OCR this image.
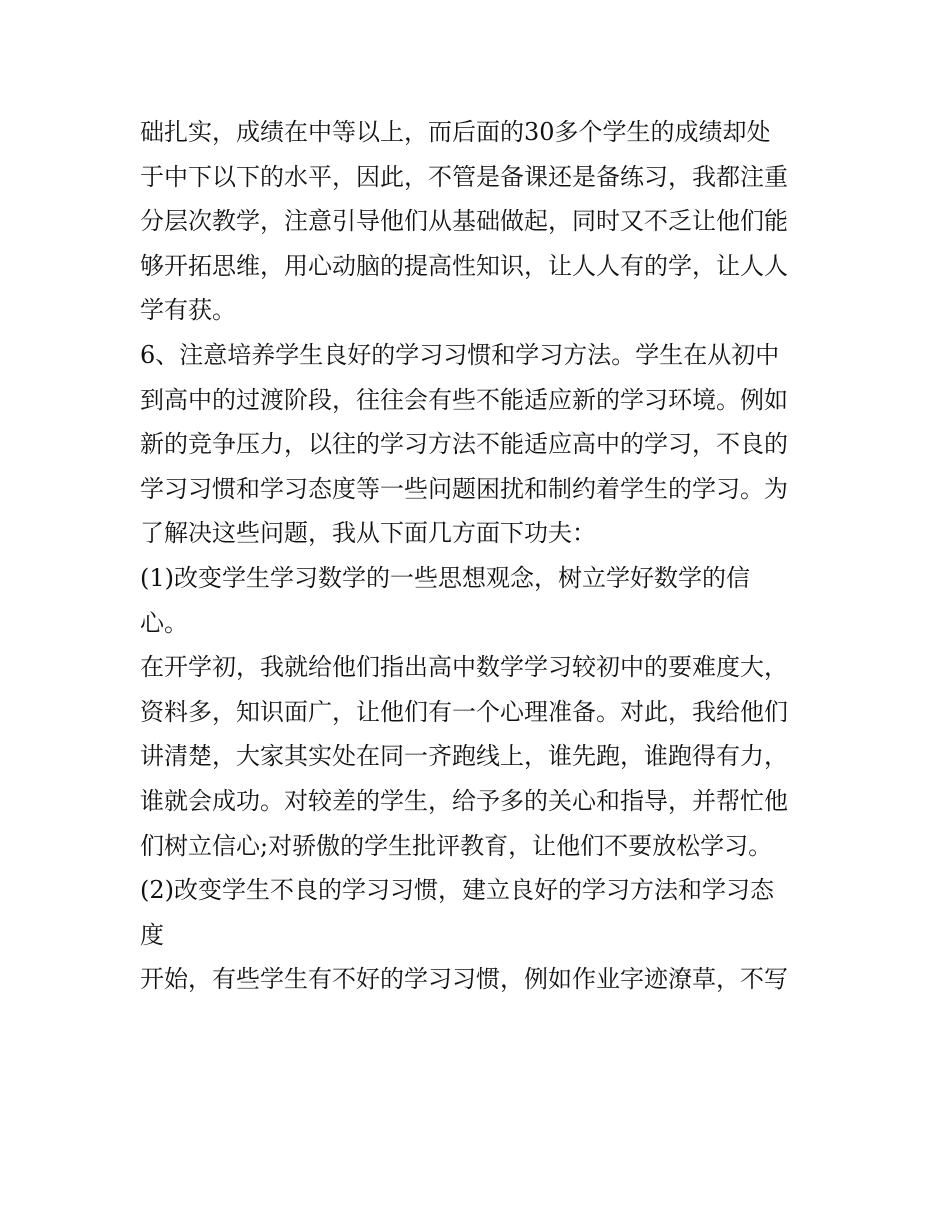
础扎实，成绩在中等以上，而后面的30多个学生的成绩却处
于中下以下的水平，因此，不管是备课还是备练习，我都注重
分层次教学，注意引导他们从基础做起，同时又不乏让他们能
够开拓思维，用心动脑的提高性知识，让人人有的学，让人人
学有获。
6、注意培养学生良好的学习习惯和学习方法。学生在从初中
到高中的过渡阶段，往往会有些不能适应新的学习环境。例如
新的竞争压力，以往的学习方法不能适应高中的学习，不良的
学习习惯和学习态度等一些问题困扰和制约着学生的学习。为
了解决这些问题，我从下面几方面下功夫：
(1)改变学生学习数学的一些思想观念，树立学好数学的信
心。
在开学初，我就给他们指出高中数学学习较初中的要难度大，
资料多，知识面广，让他们有一个心理准备。对此，我给他们
讲清楚，大家其实处在同一齐跑线上，谁先跑，谁跑得有力，
谁就会成功。对较差的学生，给予多的关心和指导，并帮忙他
们树立信心;对骄傲的学生批评教育，让他们不要放松学习。
(2)改变学生不良的学习习惯，建立良好的学习方法和学习态
度
开始，有些学生有不好的学习习惯，例如作业字迹潦草，不写
